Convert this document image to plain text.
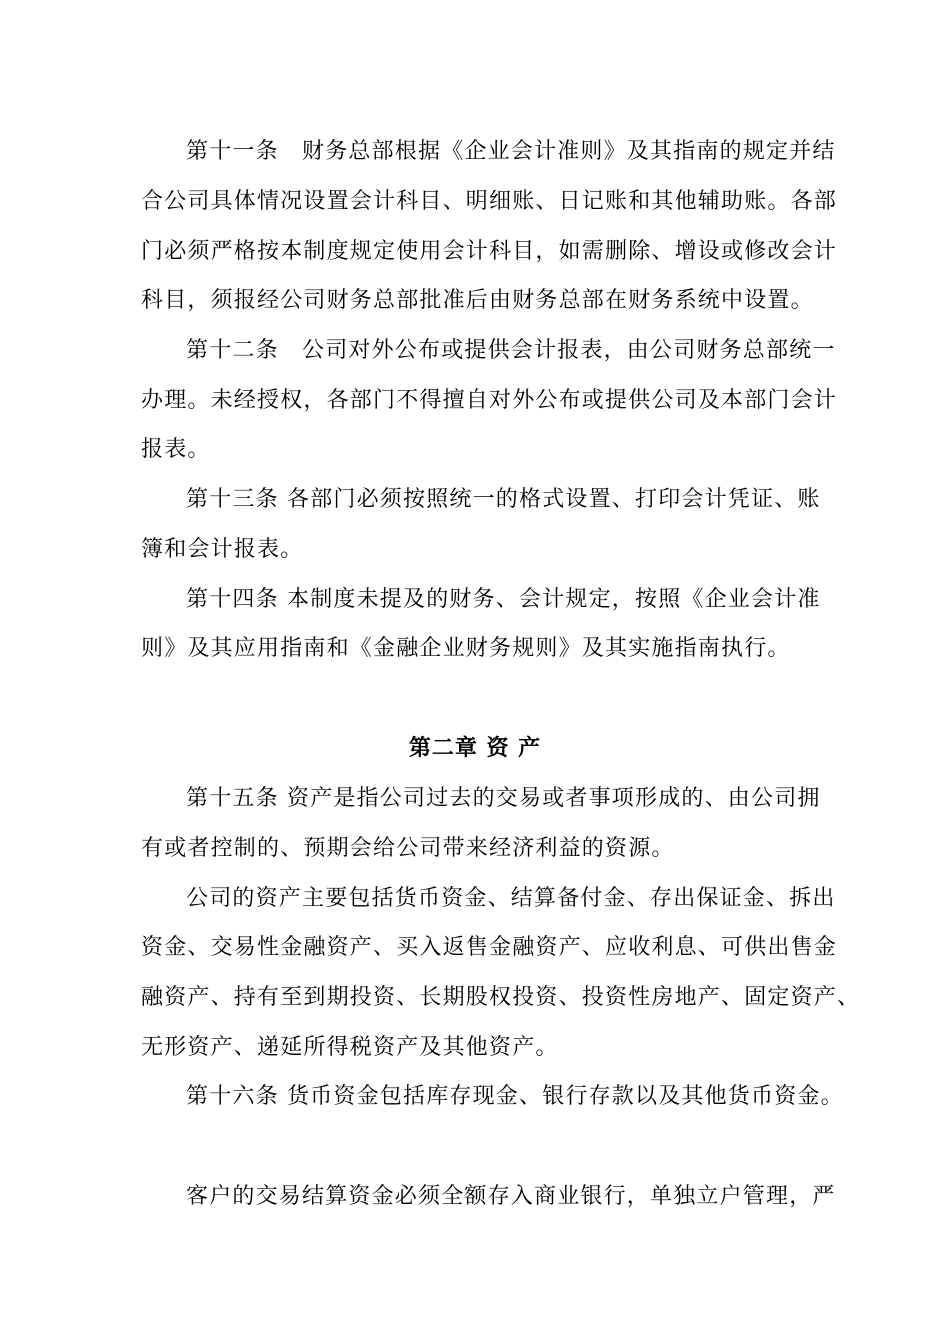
第十一条　财务总部根据《企业会计准则》及其指南的规定并结
合公司具体情况设置会计科目、明细账、日记账和其他辅助账。各部
门必须严格按本制度规定使用会计科目，如需删除、增设或修改会计
科目，须报经公司财务总部批准后由财务总部在财务系统中设置。
第十二条　公司对外公布或提供会计报表，由公司财务总部统一
办理。未经授权，各部门不得擅自对外公布或提供公司及本部门会计
报表。
第十三条 各部门必须按照统一的格式设置、打印会计凭证、账
簿和会计报表。
第十四条 本制度未提及的财务、会计规定，按照《企业会计准
则》及其应用指南和《金融企业财务规则》及其实施指南执行。
第二章 资 产
第十五条 资产是指公司过去的交易或者事项形成的、由公司拥
有或者控制的、预期会给公司带来经济利益的资源。
公司的资产主要包括货币资金、结算备付金、存出保证金、拆出
资金、交易性金融资产、买入返售金融资产、应收利息、可供出售金
融资产、持有至到期投资、长期股权投资、投资性房地产、固定资产、
无形资产、递延所得税资产及其他资产。
第十六条 货币资金包括库存现金、银行存款以及其他货币资金。
客户的交易结算资金必须全额存入商业银行，单独立户管理，严
